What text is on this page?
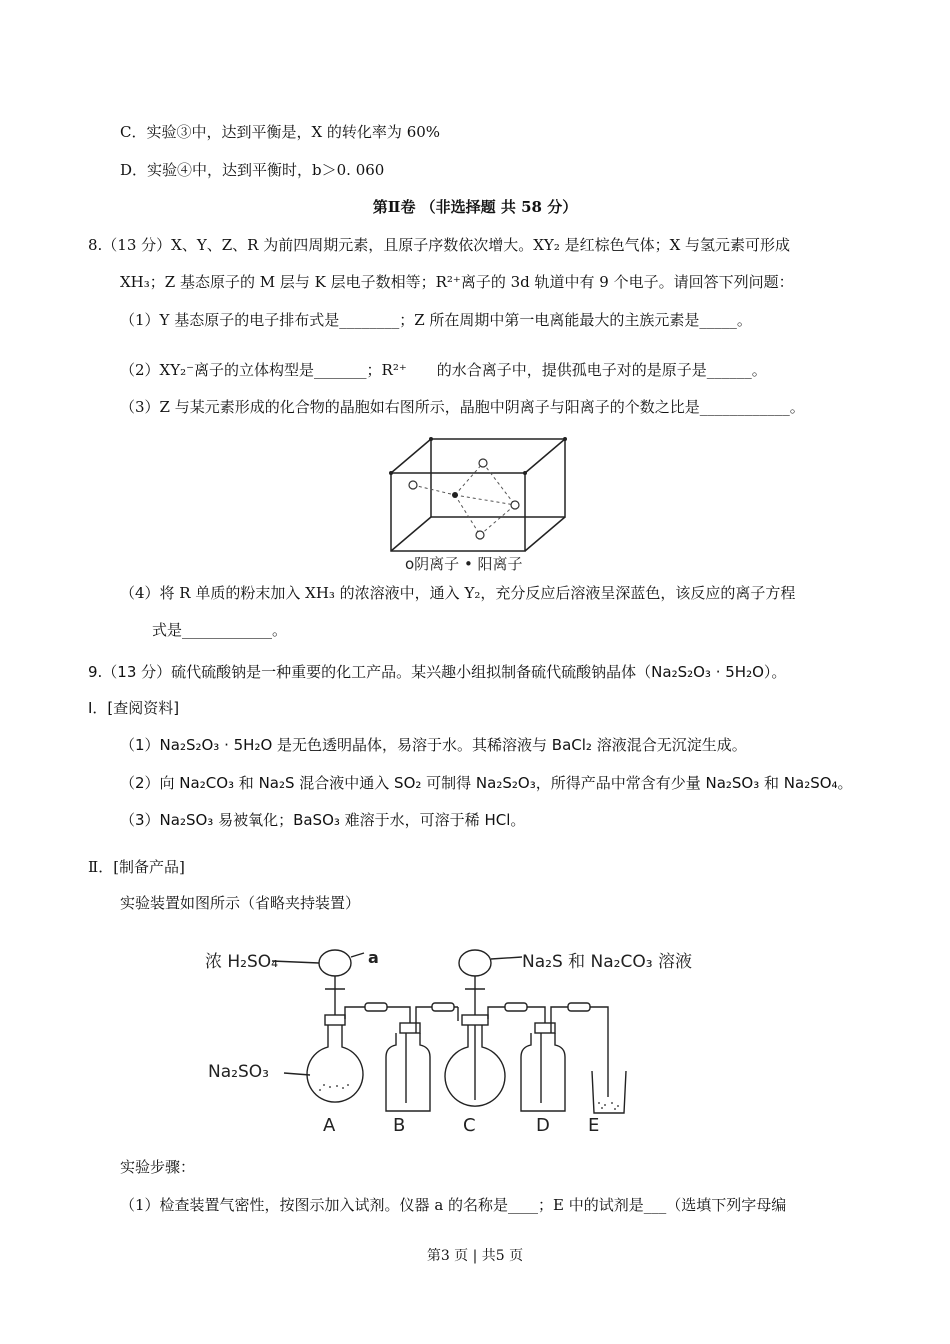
C．实验③中，达到平衡是，X 的转化率为 60%
D．实验④中，达到平衡时，b＞0. 060
第Ⅱ卷 （非选择题 共 58 分）
8.（13 分）X、Y、Z、R 为前四周期元素，且原子序数依次增大。XY₂ 是红棕色气体；X 与氢元素可形成
XH₃；Z 基态原子的 M 层与 K 层电子数相等；R²⁺离子的 3d 轨道中有 9 个电子。请回答下列问题：
（1）Y 基态原子的电子排布式是________；Z 所在周期中第一电离能最大的主族元素是_____。
（2）XY₂⁻离子的立体构型是_______；R²⁺　　的水合离子中，提供孤电子对的是原子是______。
（3）Z 与某元素形成的化合物的晶胞如右图所示，晶胞中阴离子与阳离子的个数之比是____________。
o阴离子 • 阳离子
（4）将 R 单质的粉末加入 XH₃ 的浓溶液中，通入 Y₂，充分反应后溶液呈深蓝色，该反应的离子方程
式是____________。
9.（13 分）硫代硫酸钠是一种重要的化工产品。某兴趣小组拟制备硫代硫酸钠晶体（Na₂S₂O₃ · 5H₂O）。
I．[查阅资料]
（1）Na₂S₂O₃ · 5H₂O 是无色透明晶体，易溶于水。其稀溶液与 BaCl₂ 溶液混合无沉淀生成。
（2）向 Na₂CO₃ 和 Na₂S 混合液中通入 SO₂ 可制得 Na₂S₂O₃，所得产品中常含有少量 Na₂SO₃ 和 Na₂SO₄。
（3）Na₂SO₃ 易被氧化；BaSO₃ 难溶于水，可溶于稀 HCl。
Ⅱ．[制备产品]
实验装置如图所示（省略夹持装置）
浓 H₂SO₄	a	Na₂S 和 Na₂CO₃ 溶液
Na₂SO₃
A	B	C	D E
实验步骤：
（1）检查装置气密性，按图示加入试剂。仪器 a 的名称是____；E 中的试剂是___（选填下列字母编
第3 页 | 共5 页
